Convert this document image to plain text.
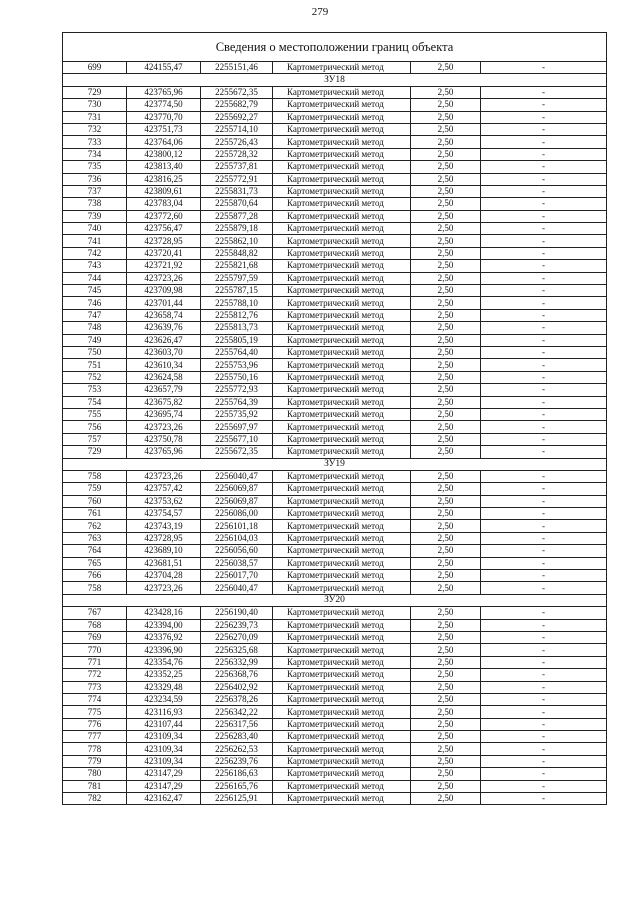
279
Сведения о местоположении границ объекта					
699	424155,47	2255151,46	Картометрический метод	2,50	-
ЗУ18					
729	423765,96	2255672,35	Картометрический метод	2,50	-
730	423774,50	2255682,79	Картометрический метод	2,50	-
731	423770,70	2255692,27	Картометрический метод	2,50	-
732	423751,73	2255714,10	Картометрический метод	2,50	-
733	423764,06	2255726,43	Картометрический метод	2,50	-
734	423800,12	2255728,32	Картометрический метод	2,50	-
735	423813,40	2255737,81	Картометрический метод	2,50	-
736	423816,25	2255772,91	Картометрический метод	2,50	-
737	423809,61	2255831,73	Картометрический метод	2,50	-
738	423783,04	2255870,64	Картометрический метод	2,50	-
739	423772,60	2255877,28	Картометрический метод	2,50	-
740	423756,47	2255879,18	Картометрический метод	2,50	-
741	423728,95	2255862,10	Картометрический метод	2,50	-
742	423720,41	2255848,82	Картометрический метод	2,50	-
743	423721,92	2255821,68	Картометрический метод	2,50	-
744	423723,26	2255797,59	Картометрический метод	2,50	-
745	423709,98	2255787,15	Картометрический метод	2,50	-
746	423701,44	2255788,10	Картометрический метод	2,50	-
747	423658,74	2255812,76	Картометрический метод	2,50	-
748	423639,76	2255813,73	Картометрический метод	2,50	-
749	423626,47	2255805,19	Картометрический метод	2,50	-
750	423603,70	2255764,40	Картометрический метод	2,50	-
751	423610,34	2255753,96	Картометрический метод	2,50	-
752	423624,58	2255750,16	Картометрический метод	2,50	-
753	423657,79	2255772,93	Картометрический метод	2,50	-
754	423675,82	2255764,39	Картометрический метод	2,50	-
755	423695,74	2255735,92	Картометрический метод	2,50	-
756	423723,26	2255697,97	Картометрический метод	2,50	-
757	423750,78	2255677,10	Картометрический метод	2,50	-
729	423765,96	2255672,35	Картометрический метод	2,50	-
ЗУ19					
758	423723,26	2256040,47	Картометрический метод	2,50	-
759	423757,42	2256069,87	Картометрический метод	2,50	-
760	423753,62	2256069,87	Картометрический метод	2,50	-
761	423754,57	2256086,00	Картометрический метод	2,50	-
762	423743,19	2256101,18	Картометрический метод	2,50	-
763	423728,95	2256104,03	Картометрический метод	2,50	-
764	423689,10	2256056,60	Картометрический метод	2,50	-
765	423681,51	2256038,57	Картометрический метод	2,50	-
766	423704,28	2256017,70	Картометрический метод	2,50	-
758	423723,26	2256040,47	Картометрический метод	2,50	-
ЗУ20					
767	423428,16	2256190,40	Картометрический метод	2,50	-
768	423394,00	2256239,73	Картометрический метод	2,50	-
769	423376,92	2256270,09	Картометрический метод	2,50	-
770	423396,90	2256325,68	Картометрический метод	2,50	-
771	423354,76	2256332,99	Картометрический метод	2,50	-
772	423352,25	2256368,76	Картометрический метод	2,50	-
773	423329,48	2256402,92	Картометрический метод	2,50	-
774	423234,59	2256378,26	Картометрический метод	2,50	-
775	423116,93	2256342,22	Картометрический метод	2,50	-
776	423107,44	2256317,56	Картометрический метод	2,50	-
777	423109,34	2256283,40	Картометрический метод	2,50	-
778	423109,34	2256262,53	Картометрический метод	2,50	-
779	423109,34	2256239,76	Картометрический метод	2,50	-
780	423147,29	2256186,63	Картометрический метод	2,50	-
781	423147,29	2256165,76	Картометрический метод	2,50	-
782	423162,47	2256125,91	Картометрический метод	2,50	-
